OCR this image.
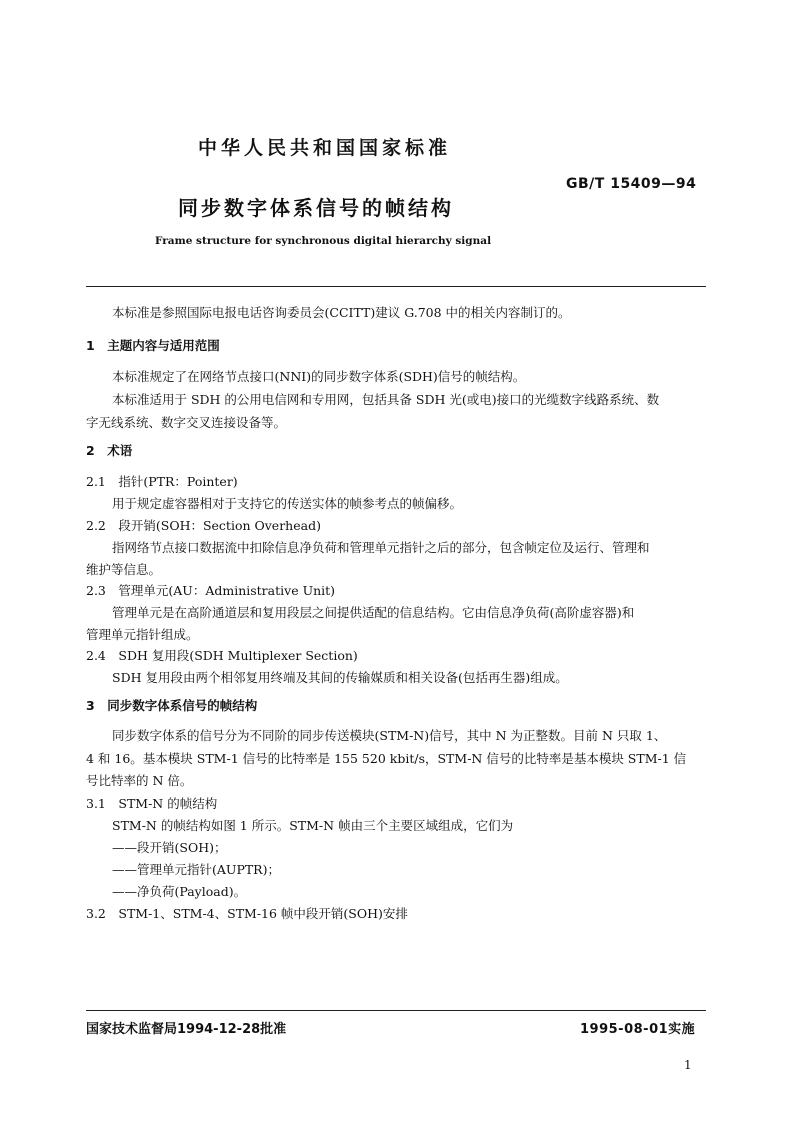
中华人民共和国国家标准
GB/T 15409—94
同步数字体系信号的帧结构
Frame structure for synchronous digital hierarchy signal
本标准是参照国际电报电话咨询委员会(CCITT)建议 G.708 中的相关内容制订的。
1　主题内容与适用范围
本标准规定了在网络节点接口(NNI)的同步数字体系(SDH)信号的帧结构。
本标准适用于 SDH 的公用电信网和专用网，包括具备 SDH 光(或电)接口的光缆数字线路系统、数
字无线系统、数字交叉连接设备等。
2　术语
2.1　指针(PTR：Pointer)
用于规定虚容器相对于支持它的传送实体的帧参考点的帧偏移。
2.2　段开销(SOH：Section Overhead)
指网络节点接口数据流中扣除信息净负荷和管理单元指针之后的部分，包含帧定位及运行、管理和
维护等信息。
2.3　管理单元(AU：Administrative Unit)
管理单元是在高阶通道层和复用段层之间提供适配的信息结构。它由信息净负荷(高阶虚容器)和
管理单元指针组成。
2.4　SDH 复用段(SDH Multiplexer Section)
SDH 复用段由两个相邻复用终端及其间的传输媒质和相关设备(包括再生器)组成。
3　同步数字体系信号的帧结构
同步数字体系的信号分为不同阶的同步传送模块(STM-N)信号，其中 N 为正整数。目前 N 只取 1、
4 和 16。基本模块 STM-1 信号的比特率是 155 520 kbit/s，STM-N 信号的比特率是基本模块 STM-1 信
号比特率的 N 倍。
3.1　STM-N 的帧结构
STM-N 的帧结构如图 1 所示。STM-N 帧由三个主要区域组成，它们为
——段开销(SOH)；
——管理单元指针(AUPTR)；
——净负荷(Payload)。
3.2　STM-1、STM-4、STM-16 帧中段开销(SOH)安排
国家技术监督局1994-12-28批准	1995-08-01实施
1
